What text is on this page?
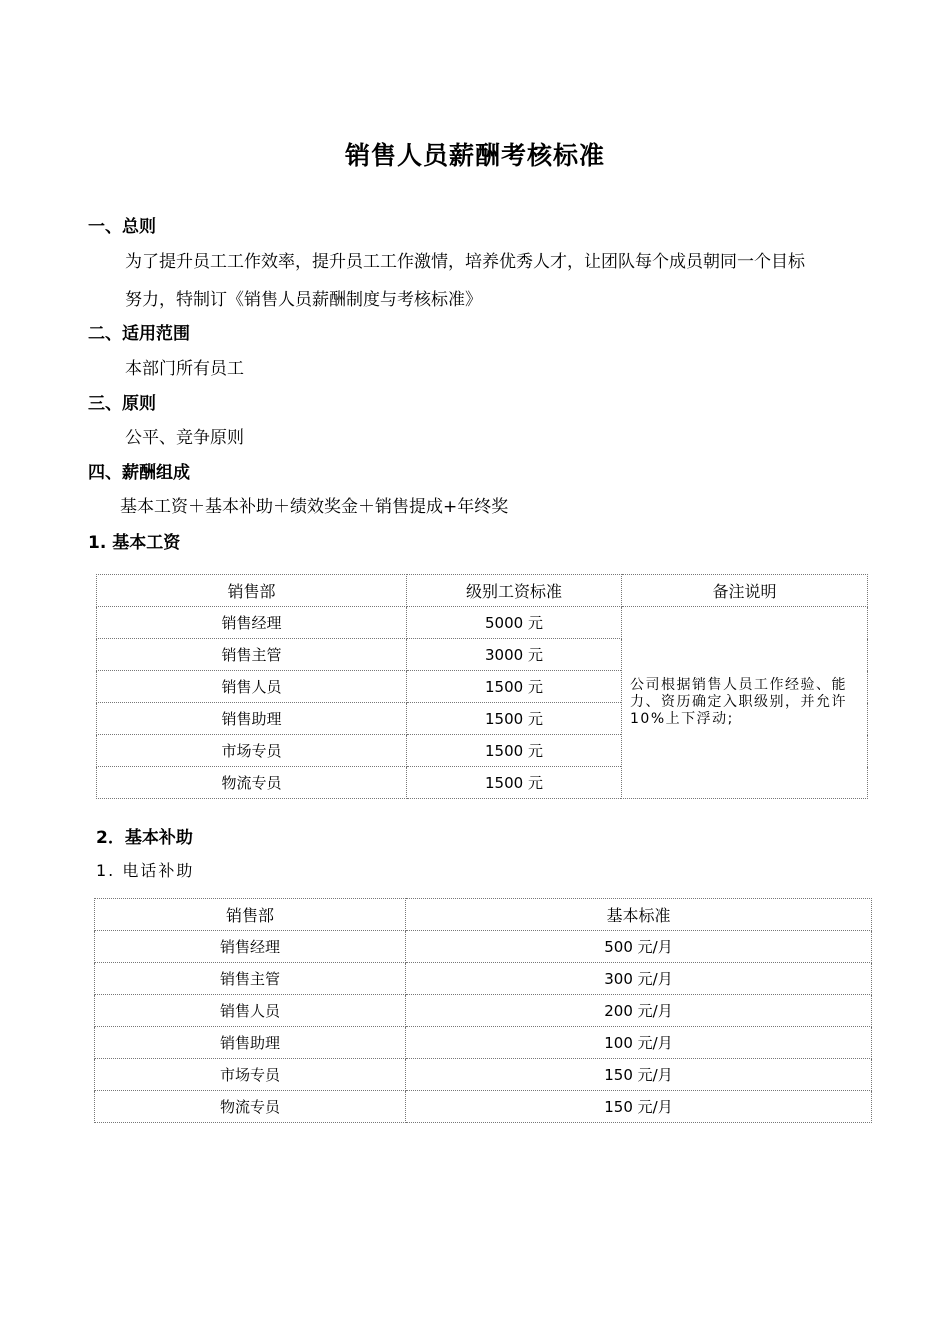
销售人员薪酬考核标准
一、总则
为了提升员工工作效率，提升员工工作激情，培养优秀人才，让团队每个成员朝同一个目标
努力，特制订《销售人员薪酬制度与考核标准》
二、适用范围
本部门所有员工
三、原则
公平、竞争原则
四、薪酬组成
基本工资＋基本补助＋绩效奖金＋销售提成+年终奖
1. 基本工资
销售部	级别工资标准	备注说明
销售经理	5000 元	公司根据销售人员工作经验、能力、资历确定入职级别，并允许 10%上下浮动;

销售主管	3000 元	
销售人员	1500 元	
销售助理	1500 元	
市场专员	1500 元	
物流专员	1500 元	
2．基本补助
1. 电话补助
销售部	基本标准
销售经理	500 元/月
销售主管	300 元/月
销售人员	200 元/月
销售助理	100 元/月
市场专员	150 元/月
物流专员	150 元/月
